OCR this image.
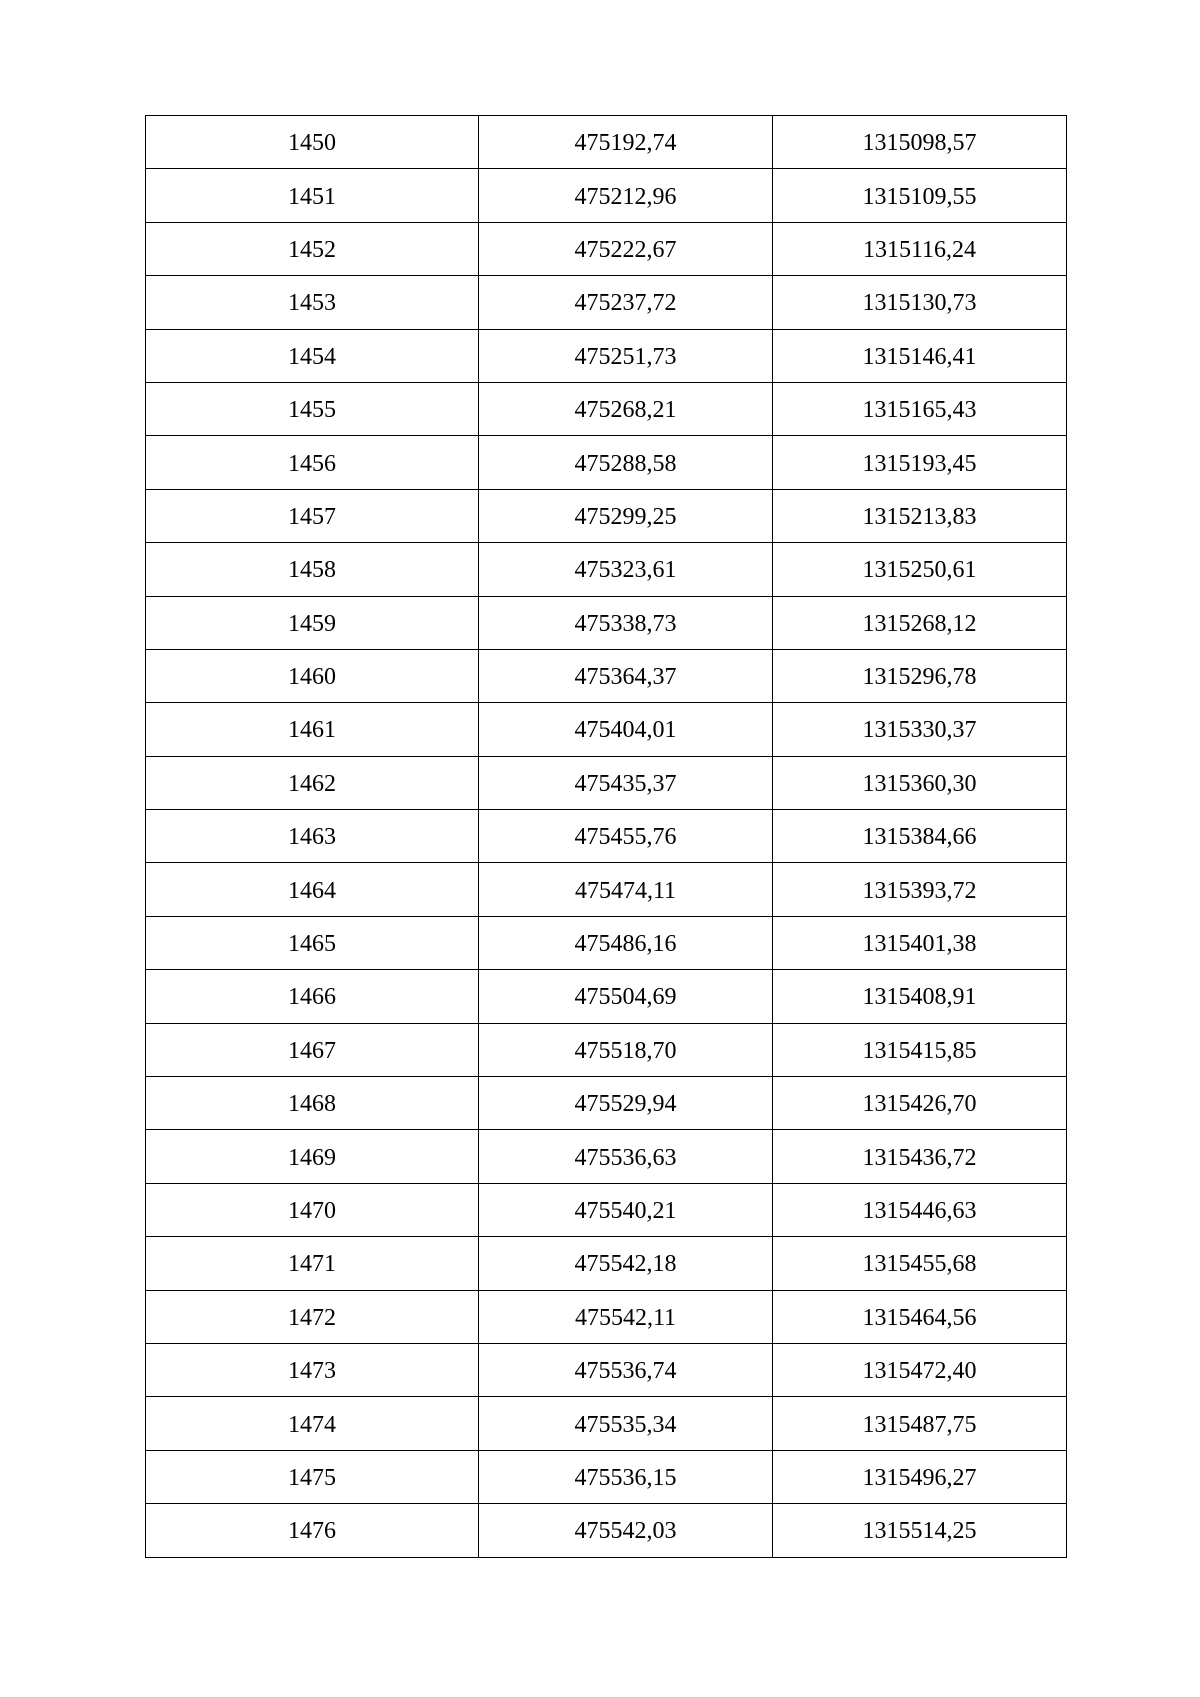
1450	475192,74	1315098,57
1451	475212,96	1315109,55
1452	475222,67	1315116,24
1453	475237,72	1315130,73
1454	475251,73	1315146,41
1455	475268,21	1315165,43
1456	475288,58	1315193,45
1457	475299,25	1315213,83
1458	475323,61	1315250,61
1459	475338,73	1315268,12
1460	475364,37	1315296,78
1461	475404,01	1315330,37
1462	475435,37	1315360,30
1463	475455,76	1315384,66
1464	475474,11	1315393,72
1465	475486,16	1315401,38
1466	475504,69	1315408,91
1467	475518,70	1315415,85
1468	475529,94	1315426,70
1469	475536,63	1315436,72
1470	475540,21	1315446,63
1471	475542,18	1315455,68
1472	475542,11	1315464,56
1473	475536,74	1315472,40
1474	475535,34	1315487,75
1475	475536,15	1315496,27
1476	475542,03	1315514,25
